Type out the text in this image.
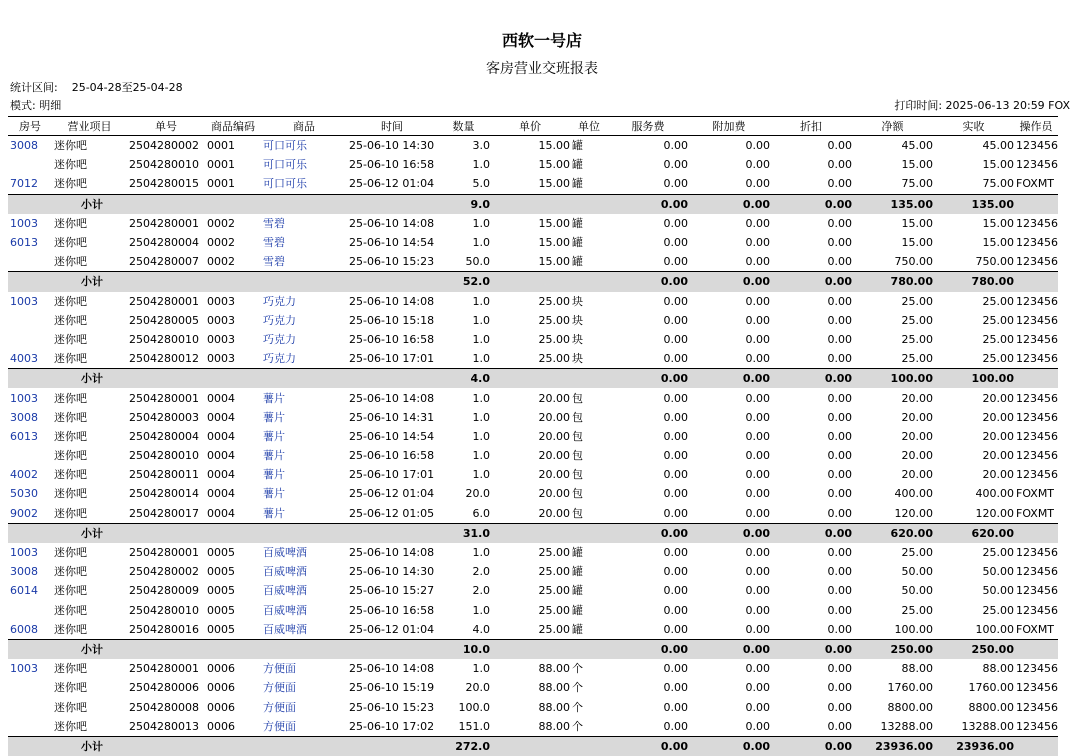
西软一号店
客房营业交班报表
统计区间: 25-04-28至25-04-28
模式: 明细	打印时间: 2025-06-13 20:59 FOX
房号	营业项目	单号	商品编码	商品	时间	数量	单价	单位	服务费	附加费	折扣	净额	实收	操作员
3008	迷你吧	2504280002	0001	可口可乐	25-06-10 14:30	3.0	15.00	罐	0.00	0.00	0.00	45.00	45.00	123456
	迷你吧	2504280010	0001	可口可乐	25-06-10 16:58	1.0	15.00	罐	0.00	0.00	0.00	15.00	15.00	123456
7012	迷你吧	2504280015	0001	可口可乐	25-06-12 01:04	5.0	15.00	罐	0.00	0.00	0.00	75.00	75.00	FOXMT
小计						9.0			0.00	0.00	0.00	135.00	135.00	
1003	迷你吧	2504280001	0002	雪碧	25-06-10 14:08	1.0	15.00	罐	0.00	0.00	0.00	15.00	15.00	123456
6013	迷你吧	2504280004	0002	雪碧	25-06-10 14:54	1.0	15.00	罐	0.00	0.00	0.00	15.00	15.00	123456
	迷你吧	2504280007	0002	雪碧	25-06-10 15:23	50.0	15.00	罐	0.00	0.00	0.00	750.00	750.00	123456
小计						52.0			0.00	0.00	0.00	780.00	780.00	
1003	迷你吧	2504280001	0003	巧克力	25-06-10 14:08	1.0	25.00	块	0.00	0.00	0.00	25.00	25.00	123456
	迷你吧	2504280005	0003	巧克力	25-06-10 15:18	1.0	25.00	块	0.00	0.00	0.00	25.00	25.00	123456
	迷你吧	2504280010	0003	巧克力	25-06-10 16:58	1.0	25.00	块	0.00	0.00	0.00	25.00	25.00	123456
4003	迷你吧	2504280012	0003	巧克力	25-06-10 17:01	1.0	25.00	块	0.00	0.00	0.00	25.00	25.00	123456
小计						4.0			0.00	0.00	0.00	100.00	100.00	
1003	迷你吧	2504280001	0004	薯片	25-06-10 14:08	1.0	20.00	包	0.00	0.00	0.00	20.00	20.00	123456
3008	迷你吧	2504280003	0004	薯片	25-06-10 14:31	1.0	20.00	包	0.00	0.00	0.00	20.00	20.00	123456
6013	迷你吧	2504280004	0004	薯片	25-06-10 14:54	1.0	20.00	包	0.00	0.00	0.00	20.00	20.00	123456
	迷你吧	2504280010	0004	薯片	25-06-10 16:58	1.0	20.00	包	0.00	0.00	0.00	20.00	20.00	123456
4002	迷你吧	2504280011	0004	薯片	25-06-10 17:01	1.0	20.00	包	0.00	0.00	0.00	20.00	20.00	123456
5030	迷你吧	2504280014	0004	薯片	25-06-12 01:04	20.0	20.00	包	0.00	0.00	0.00	400.00	400.00	FOXMT
9002	迷你吧	2504280017	0004	薯片	25-06-12 01:05	6.0	20.00	包	0.00	0.00	0.00	120.00	120.00	FOXMT
小计						31.0			0.00	0.00	0.00	620.00	620.00	
1003	迷你吧	2504280001	0005	百威啤酒	25-06-10 14:08	1.0	25.00	罐	0.00	0.00	0.00	25.00	25.00	123456
3008	迷你吧	2504280002	0005	百威啤酒	25-06-10 14:30	2.0	25.00	罐	0.00	0.00	0.00	50.00	50.00	123456
6014	迷你吧	2504280009	0005	百威啤酒	25-06-10 15:27	2.0	25.00	罐	0.00	0.00	0.00	50.00	50.00	123456
	迷你吧	2504280010	0005	百威啤酒	25-06-10 16:58	1.0	25.00	罐	0.00	0.00	0.00	25.00	25.00	123456
6008	迷你吧	2504280016	0005	百威啤酒	25-06-12 01:04	4.0	25.00	罐	0.00	0.00	0.00	100.00	100.00	FOXMT
小计						10.0			0.00	0.00	0.00	250.00	250.00	
1003	迷你吧	2504280001	0006	方便面	25-06-10 14:08	1.0	88.00	个	0.00	0.00	0.00	88.00	88.00	123456
	迷你吧	2504280006	0006	方便面	25-06-10 15:19	20.0	88.00	个	0.00	0.00	0.00	1760.00	1760.00	123456
	迷你吧	2504280008	0006	方便面	25-06-10 15:23	100.0	88.00	个	0.00	0.00	0.00	8800.00	8800.00	123456
	迷你吧	2504280013	0006	方便面	25-06-10 17:02	151.0	88.00	个	0.00	0.00	0.00	13288.00	13288.00	123456
小计						272.0			0.00	0.00	0.00	23936.00	23936.00	
